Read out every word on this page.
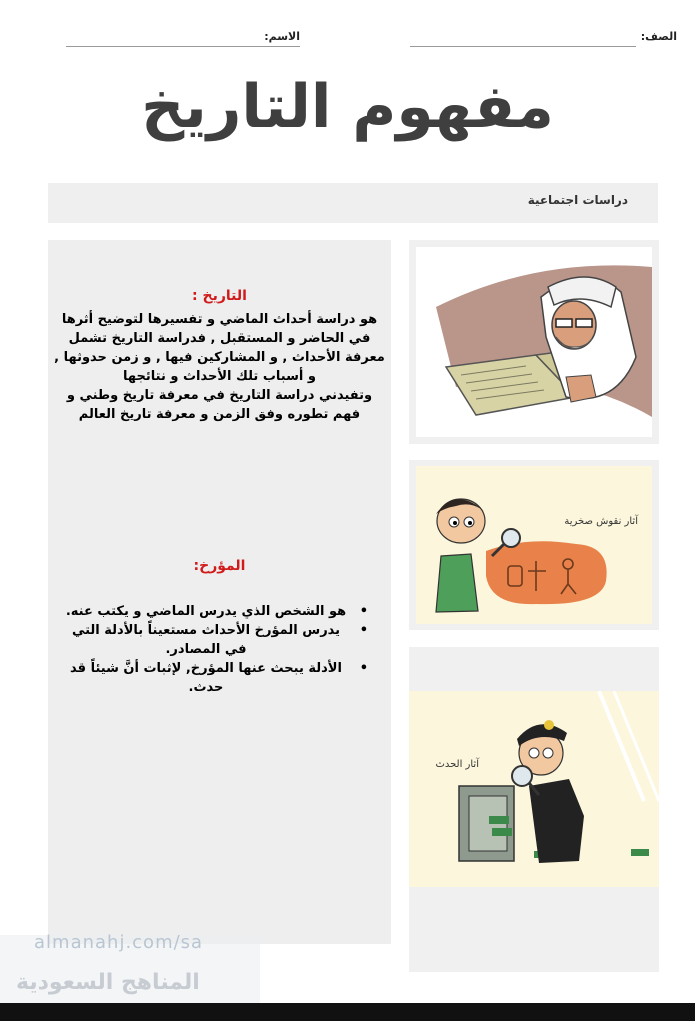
الصف:
الاسم:
مفهوم التاريخ
دراسات اجتماعية
التاريخ :

هو دراسة أحداث الماضي و تفسيرها لتوضيح أثرها

في الحاضر و المستقبل , فدراسة التاريخ تشمل

معرفة الأحداث , و المشاركين فيها , و زمن حدوثها ,

و أسباب تلك الأحداث و نتائجها

وتفيدني دراسة التاريخ في معرفة تاريخ وطني و

فهم تطوره وفق الزمن و معرفة تاريخ العالم

المؤرخ:
•
هو الشخص الذي يدرس الماضي و يكتب عنه.
•
يدرس المؤرخ الأحداث مستعيناً بالأدلة التي في المصادر.
•
الأدلة يبحث عنها المؤرخ, لإثبات أنَّ شيئاً قد حدث.
آثار نقوش صخرية
آثار الحدث
almanahj.com/sa
المناهج السعودية
